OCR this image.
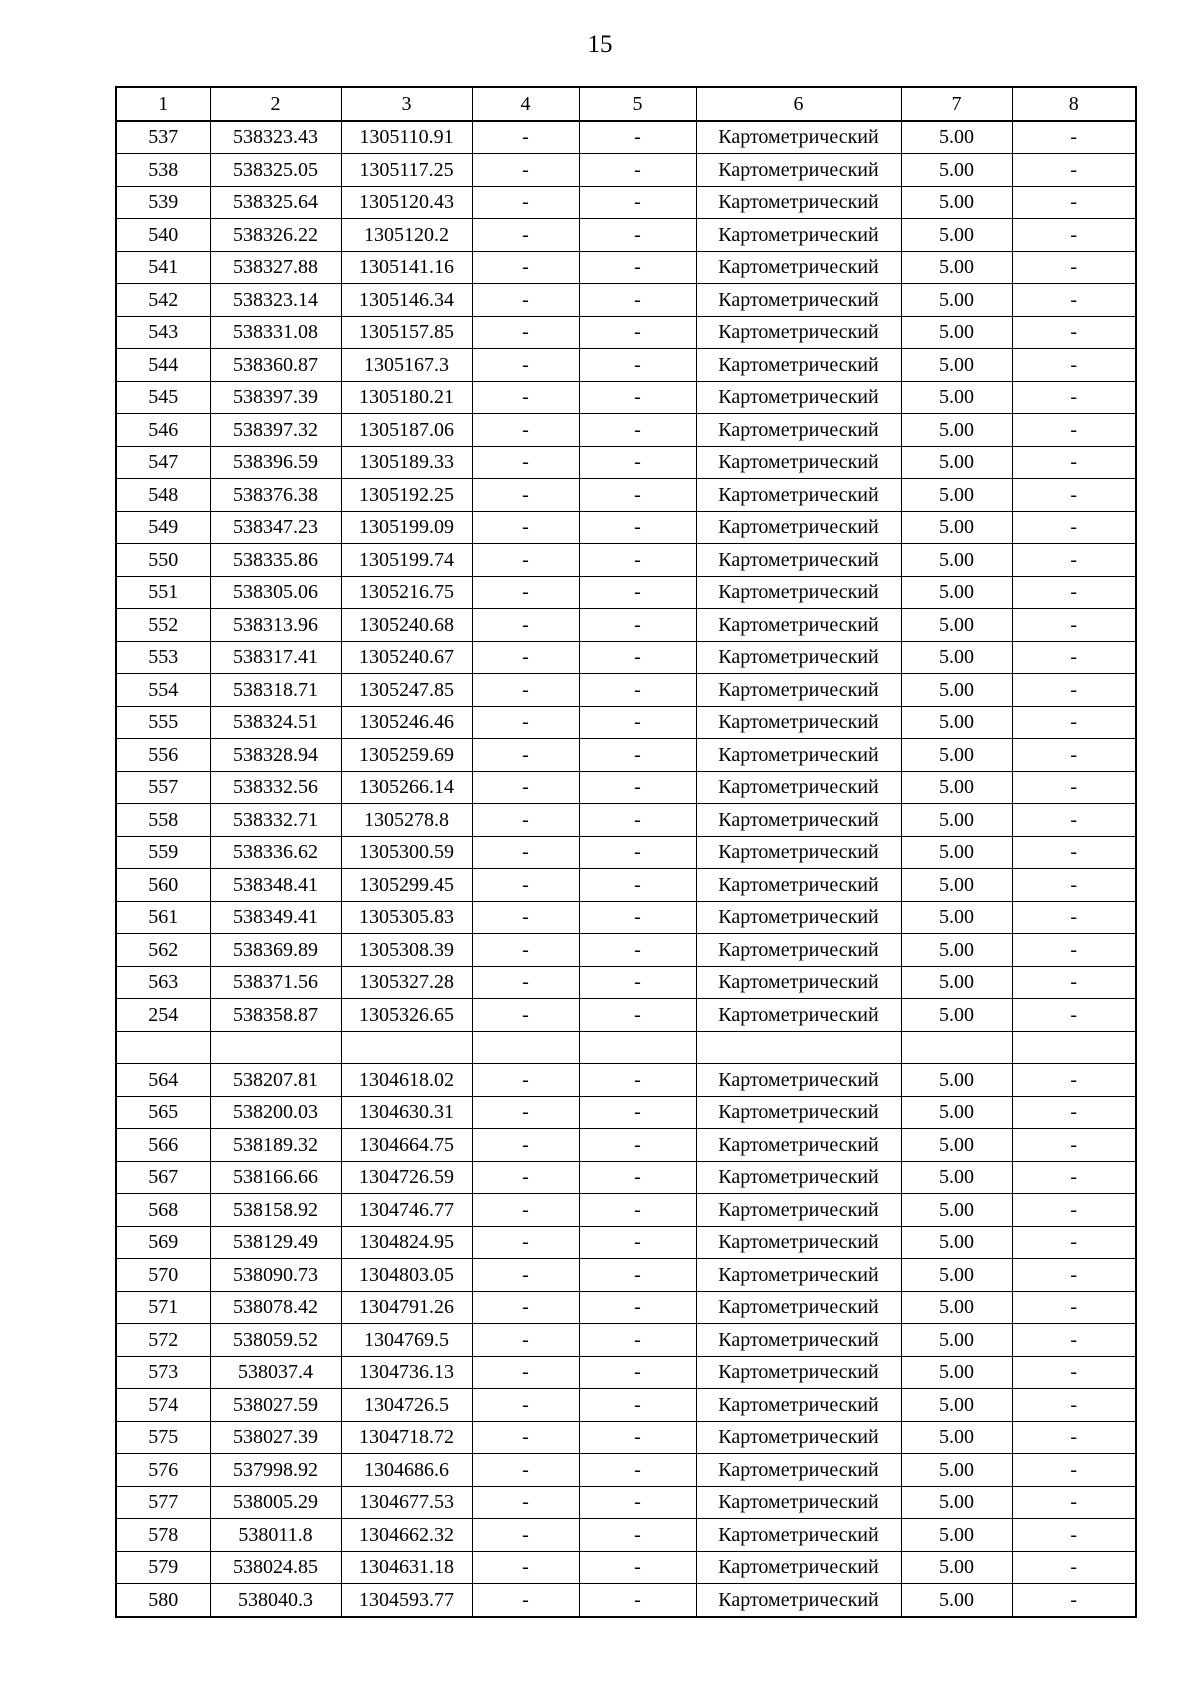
15
1	2	3	4	5	6	7	8
537	538323.43	1305110.91	-	-	Картометрический	5.00	-
538	538325.05	1305117.25	-	-	Картометрический	5.00	-
539	538325.64	1305120.43	-	-	Картометрический	5.00	-
540	538326.22	1305120.2	-	-	Картометрический	5.00	-
541	538327.88	1305141.16	-	-	Картометрический	5.00	-
542	538323.14	1305146.34	-	-	Картометрический	5.00	-
543	538331.08	1305157.85	-	-	Картометрический	5.00	-
544	538360.87	1305167.3	-	-	Картометрический	5.00	-
545	538397.39	1305180.21	-	-	Картометрический	5.00	-
546	538397.32	1305187.06	-	-	Картометрический	5.00	-
547	538396.59	1305189.33	-	-	Картометрический	5.00	-
548	538376.38	1305192.25	-	-	Картометрический	5.00	-
549	538347.23	1305199.09	-	-	Картометрический	5.00	-
550	538335.86	1305199.74	-	-	Картометрический	5.00	-
551	538305.06	1305216.75	-	-	Картометрический	5.00	-
552	538313.96	1305240.68	-	-	Картометрический	5.00	-
553	538317.41	1305240.67	-	-	Картометрический	5.00	-
554	538318.71	1305247.85	-	-	Картометрический	5.00	-
555	538324.51	1305246.46	-	-	Картометрический	5.00	-
556	538328.94	1305259.69	-	-	Картометрический	5.00	-
557	538332.56	1305266.14	-	-	Картометрический	5.00	-
558	538332.71	1305278.8	-	-	Картометрический	5.00	-
559	538336.62	1305300.59	-	-	Картометрический	5.00	-
560	538348.41	1305299.45	-	-	Картометрический	5.00	-
561	538349.41	1305305.83	-	-	Картометрический	5.00	-
562	538369.89	1305308.39	-	-	Картометрический	5.00	-
563	538371.56	1305327.28	-	-	Картометрический	5.00	-
254	538358.87	1305326.65	-	-	Картометрический	5.00	-

564	538207.81	1304618.02	-	-	Картометрический	5.00	-
565	538200.03	1304630.31	-	-	Картометрический	5.00	-
566	538189.32	1304664.75	-	-	Картометрический	5.00	-
567	538166.66	1304726.59	-	-	Картометрический	5.00	-
568	538158.92	1304746.77	-	-	Картометрический	5.00	-
569	538129.49	1304824.95	-	-	Картометрический	5.00	-
570	538090.73	1304803.05	-	-	Картометрический	5.00	-
571	538078.42	1304791.26	-	-	Картометрический	5.00	-
572	538059.52	1304769.5	-	-	Картометрический	5.00	-
573	538037.4	1304736.13	-	-	Картометрический	5.00	-
574	538027.59	1304726.5	-	-	Картометрический	5.00	-
575	538027.39	1304718.72	-	-	Картометрический	5.00	-
576	537998.92	1304686.6	-	-	Картометрический	5.00	-
577	538005.29	1304677.53	-	-	Картометрический	5.00	-
578	538011.8	1304662.32	-	-	Картометрический	5.00	-
579	538024.85	1304631.18	-	-	Картометрический	5.00	-
580	538040.3	1304593.77	-	-	Картометрический	5.00	-
